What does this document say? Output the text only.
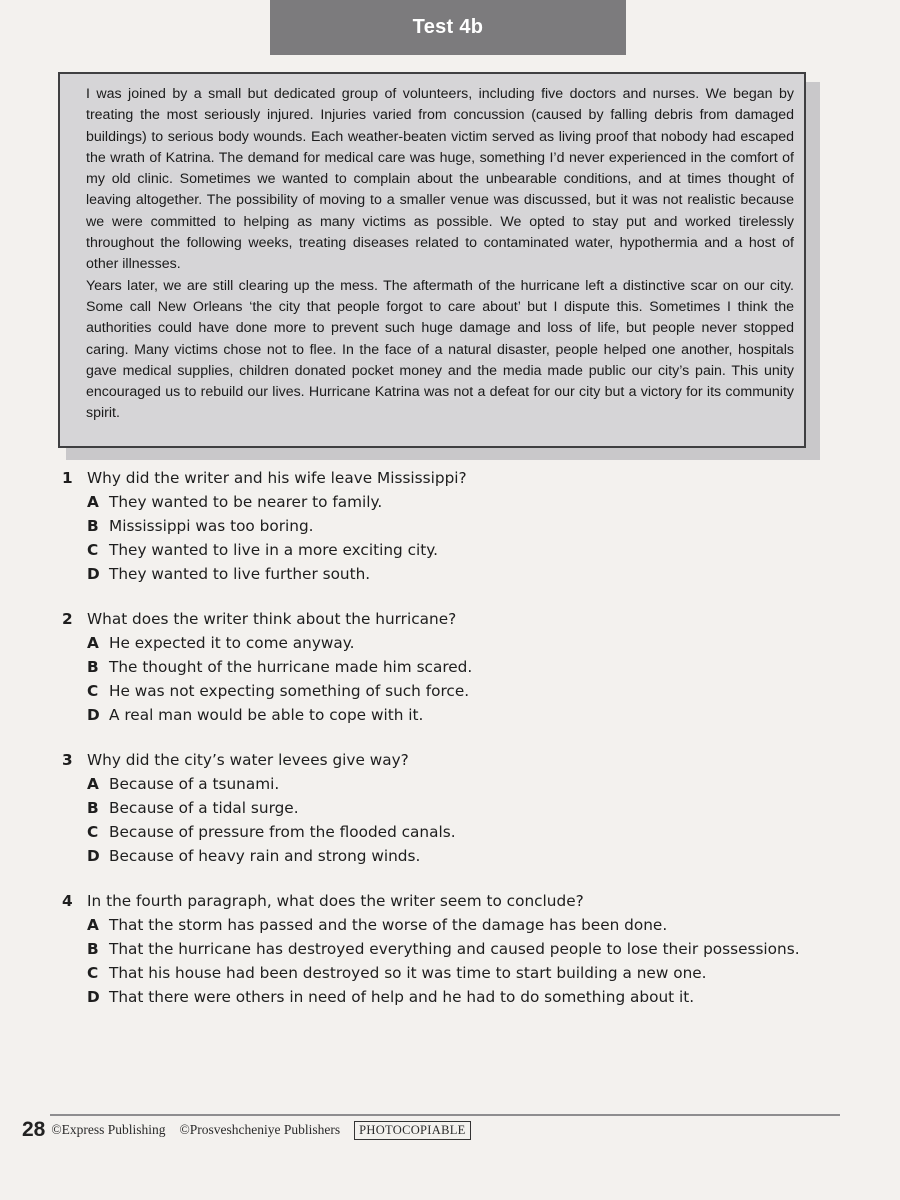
Test 4b

I was joined by a small but dedicated group of volunteers, including five doctors and nurses. We began by treating the most seriously injured. Injuries varied from concussion (caused by falling debris from damaged buildings) to serious body wounds. Each weather-beaten victim served as living proof that nobody had escaped the wrath of Katrina. The demand for medical care was huge, something I’d never experienced in the comfort of my old clinic. Sometimes we wanted to complain about the unbearable conditions, and at times thought of leaving altogether. The possibility of moving to a smaller venue was discussed, but it was not realistic because we were committed to helping as many victims as possible. We opted to stay put and worked tirelessly throughout the following weeks, treating diseases related to contaminated water, hypothermia and a host of other illnesses.

Years later, we are still clearing up the mess. The aftermath of the hurricane left a distinctive scar on our city. Some call New Orleans ‘the city that people forgot to care about’ but I dispute this. Sometimes I think the authorities could have done more to prevent such huge damage and loss of life, but people never stopped caring. Many victims chose not to flee. In the face of a natural disaster, people helped one another, hospitals gave medical supplies, children donated pocket money and the media made public our city’s pain. This unity encouraged us to rebuild our lives. Hurricane Katrina was not a defeat for our city but a victory for its community spirit.

1 Why did the writer and his wife leave Mississippi?
A They wanted to be nearer to family.
B Mississippi was too boring.
C They wanted to live in a more exciting city.
D They wanted to live further south.
2 What does the writer think about the hurricane?
A He expected it to come anyway.
B The thought of the hurricane made him scared.
C He was not expecting something of such force.
D A real man would be able to cope with it.
3 Why did the city’s water levees give way?
A Because of a tsunami.
B Because of a tidal surge.
C Because of pressure from the flooded canals.
D Because of heavy rain and strong winds.
4 In the fourth paragraph, what does the writer seem to conclude?
A That the storm has passed and the worse of the damage has been done.
B That the hurricane has destroyed everything and caused people to lose their possessions.
C That his house had been destroyed so it was time to start building a new one.
D That there were others in need of help and he had to do something about it.
28 ©Express Publishing ©Prosveshcheniye Publishers	PHOTOCOPIABLE
